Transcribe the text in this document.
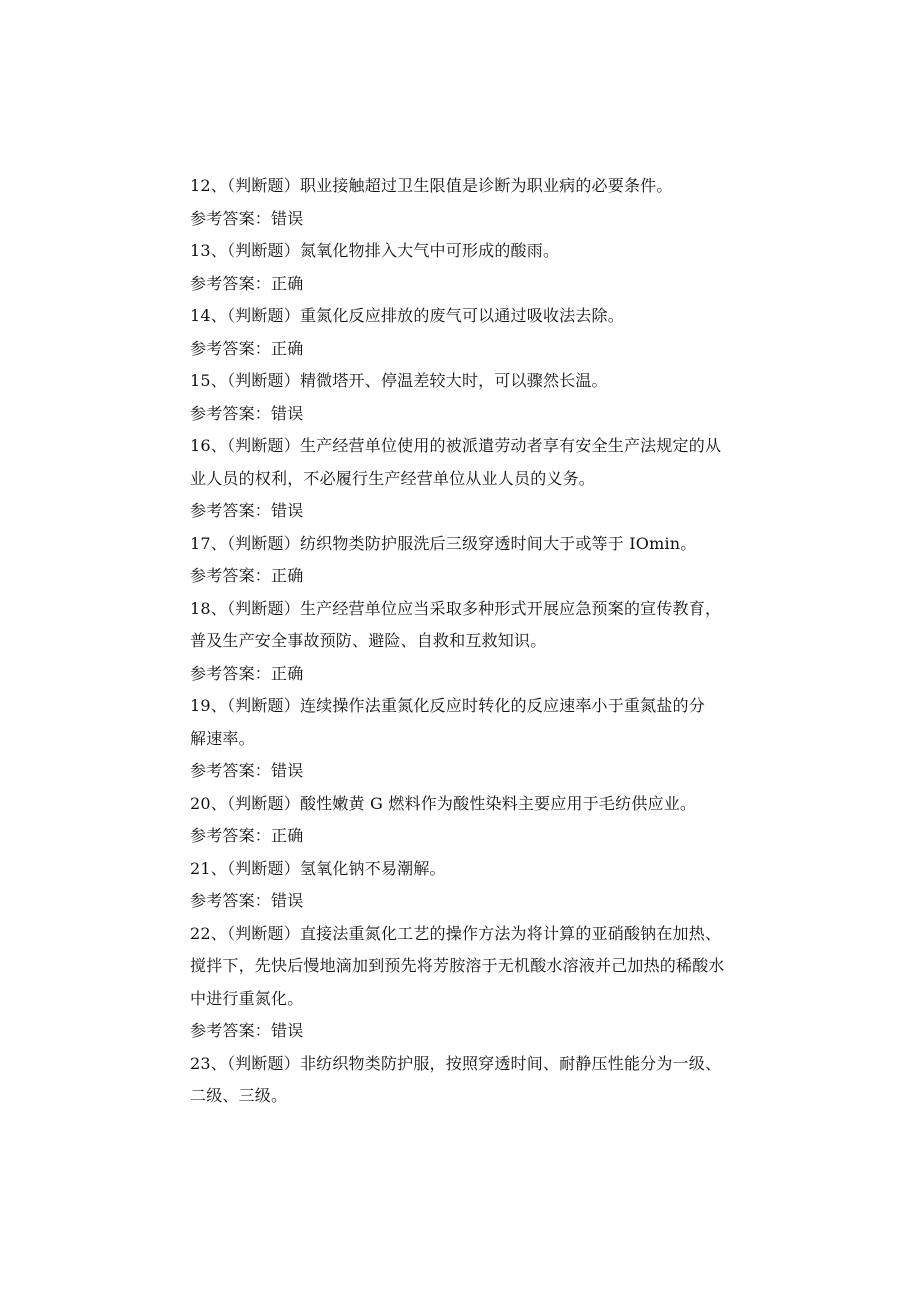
12、（判断题）职业接触超过卫生限值是诊断为职业病的必要条件。
参考答案：错误
13、（判断题）氮氧化物排入大气中可形成的酸雨。
参考答案：正确
14、（判断题）重氮化反应排放的废气可以通过吸收法去除。
参考答案：正确
15、（判断题）精微塔开、停温差较大时，可以骤然长温。
参考答案：错误
16、（判断题）生产经营单位使用的被派遣劳动者享有安全生产法规定的从
业人员的权利，不必履行生产经营单位从业人员的义务。
参考答案：错误
17、（判断题）纺织物类防护服洗后三级穿透时间大于或等于 IOmin。
参考答案：正确
18、（判断题）生产经营单位应当采取多种形式开展应急预案的宣传教育，
普及生产安全事故预防、避险、自救和互救知识。
参考答案：正确
19、（判断题）连续操作法重氮化反应时转化的反应速率小于重氮盐的分
解速率。
参考答案：错误
20、（判断题）酸性嫩黄 G 燃料作为酸性染料主要应用于毛纺供应业。
参考答案：正确
21、（判断题）氢氧化钠不易潮解。
参考答案：错误
22、（判断题）直接法重氮化工艺的操作方法为将计算的亚硝酸钠在加热、
搅拌下，先快后慢地滴加到预先将芳胺溶于无机酸水溶液并己加热的稀酸水
中进行重氮化。
参考答案：错误
23、（判断题）非纺织物类防护服，按照穿透时间、耐静压性能分为一级、
二级、三级。
